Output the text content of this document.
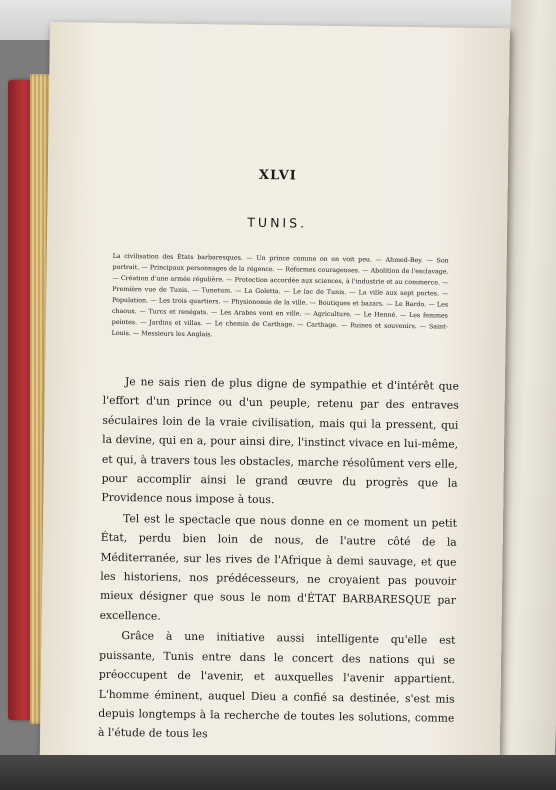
XLVI
TUNIS.
La civilisation des États barbaresques. — Un prince comme on en voit peu. — Ahmed-Bey. — Son portrait. — Principaux personnages de la régence. — Réformes courageuses. — Abolition de l'esclavage. — Création d'une armée régulière. — Protection accordée aux sciences, à l'industrie et au commerce. — Première vue de Tunis. — Tunetum. — La Goletta. — Le lac de Tunis. — La ville aux sept portes. — Population. — Les trois quartiers. — Physionomie de la ville. — Boutiques et bazars. — Le Bardo. — Les chaoux. — Turcs et renégats. — Les Arabes vont en ville. — Agriculture. — Le Henné. — Les femmes peintes. — Jardins et villas. — Le chemin de Carthage. — Carthage. — Ruines et souvenirs. — Saint-Louis. — Messieurs les Anglais.

Je ne sais rien de plus digne de sympathie et d'intérêt que l'effort d'un prince ou d'un peuple, retenu par des entraves séculaires loin de la vraie civilisation, mais qui la pressent, qui la devine, qui en a, pour ainsi dire, l'instinct vivace en lui-même, et qui, à travers tous les obstacles, marche résolûment vers elle, pour accomplir ainsi le grand œuvre du progrès que la Providence nous impose à tous.

Tel est le spectacle que nous donne en ce moment un petit État, perdu bien loin de nous, de l'autre côté de la Méditerranée, sur les rives de l'Afrique à demi sauvage, et que les historiens, nos prédécesseurs, ne croyaient pas pouvoir mieux désigner que sous le nom d'ÉTAT BARBARESQUE par excellence.

Grâce à une initiative aussi intelligente qu'elle est puissante, Tunis entre dans le concert des nations qui se préoccupent de l'avenir, et auxquelles l'avenir appartient. L'homme éminent, auquel Dieu a confié sa destinée, s'est mis depuis longtemps à la recherche de toutes les solutions, comme à l'étude de tous les
